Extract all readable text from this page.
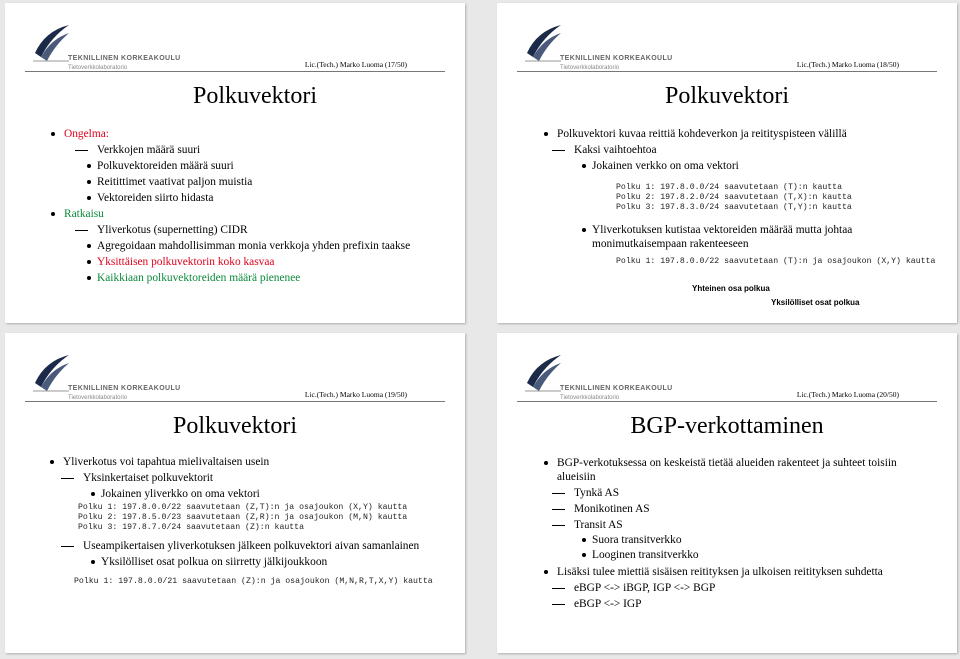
TEKNILLINEN KORKEAKOULU
Tietoverkkolaboratorio	Lic.(Tech.) Marko Luoma (17/50)
Polkuvektori
Ongelma:
Verkkojen määrä suuri
Polkuvektoreiden määrä suuri
Reitittimet vaativat paljon muistia
Vektoreiden siirto hidasta
Ratkaisu
Yliverkotus (supernetting) CIDR
Agregoidaan mahdollisimman monia verkkoja yhden prefixin taakse
Yksittäisen polkuvektorin koko kasvaa
Kaikkiaan polkuvektoreiden määrä pienenee
TEKNILLINEN KORKEAKOULU
Tietoverkkolaboratorio	Lic.(Tech.) Marko Luoma (18/50)
Polkuvektori
Polkuvektori kuvaa reittiä kohdeverkon ja reitityspisteen välillä
Kaksi vaihtoehtoa
Jokainen verkko on oma vektori
Polku 1: 197.8.0.0/24 saavutetaan (T):n kautta
Polku 2: 197.8.2.0/24 saavutetaan (T,X):n kautta
Polku 3: 197.8.3.0/24 saavutetaan (T,Y):n kautta
Yliverkotuksen kutistaa vektoreiden määrää mutta johtaa monimutkaisempaan rakenteeseen
Polku 1: 197.8.0.0/22 saavutetaan (T):n ja osajoukon (X,Y) kautta
Yhteinen osa polkua
Yksilölliset osat polkua
TEKNILLINEN KORKEAKOULU
Tietoverkkolaboratorio	Lic.(Tech.) Marko Luoma (19/50)
Polkuvektori
Yliverkotus voi tapahtua mielivaltaisen usein
Yksinkertaiset polkuvektorit
Jokainen yliverkko on oma vektori
Polku 1: 197.8.0.0/22 saavutetaan (Z,T):n ja osajoukon (X,Y) kautta
Polku 2: 197.8.5.0/23 saavutetaan (Z,R):n ja osajoukon (M,N) kautta
Polku 3: 197.8.7.0/24 saavutetaan (Z):n kautta
Useampikertaisen yliverkotuksen jälkeen polkuvektori aivan samanlainen
Yksilölliset osat polkua on siirretty jälkijoukkoon
Polku 1: 197.8.0.0/21 saavutetaan (Z):n ja osajoukon (M,N,R,T,X,Y) kautta
TEKNILLINEN KORKEAKOULU
Tietoverkkolaboratorio	Lic.(Tech.) Marko Luoma (20/50)
BGP-verkottaminen
BGP-verkotuksessa on keskeistä tietää alueiden rakenteet ja suhteet toisiin alueisiin
Tynkä AS
Monikotinen AS
Transit AS
Suora transitverkko
Looginen transitverkko
Lisäksi tulee miettiä sisäisen reitityksen ja ulkoisen reitityksen suhdetta
eBGP <-> iBGP, IGP <-> BGP
eBGP <-> IGP
